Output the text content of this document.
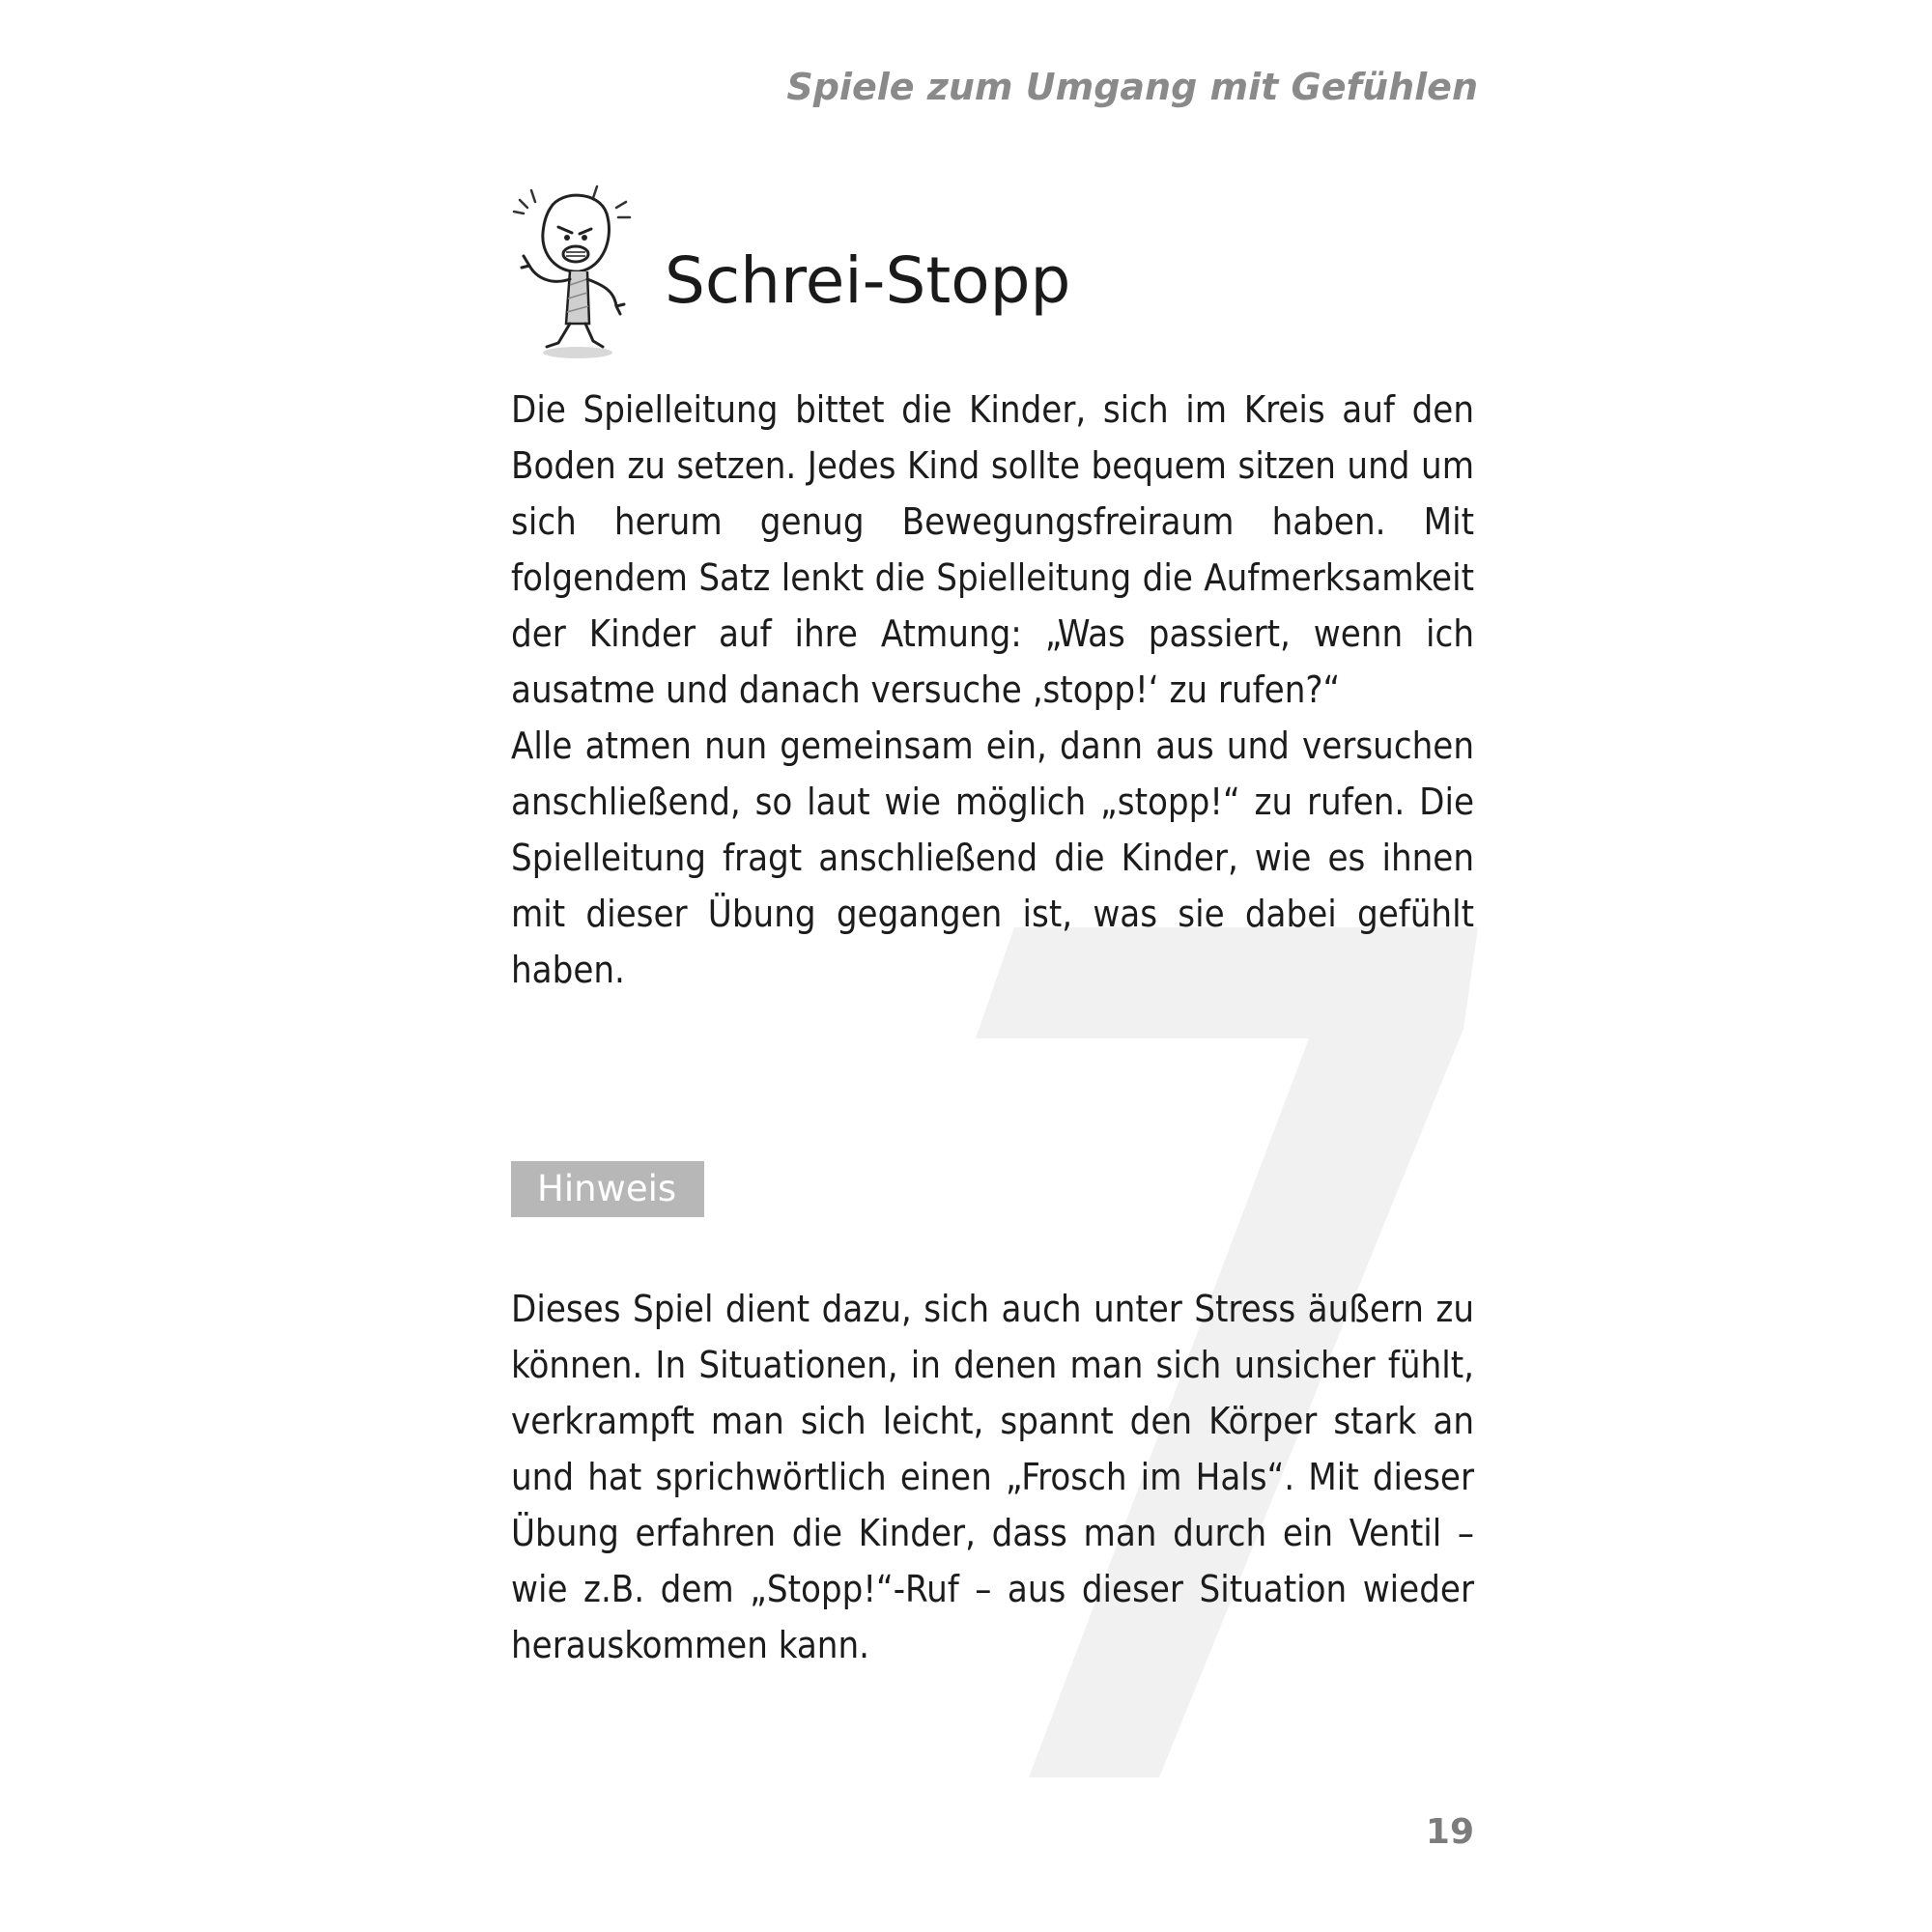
Spiele zum Umgang mit Gefühlen
Schrei-Stopp

Die Spielleitung bittet die Kinder, sich im Kreis auf den Boden zu setzen. Jedes Kind sollte bequem sitzen und um sich herum genug Bewegungsfreiraum haben. Mit folgendem Satz lenkt die Spielleitung die Aufmerksamkeit der Kinder auf ihre Atmung: „Was passiert, wenn ich ausatme und danach versuche ‚stopp!‘ zu rufen?“

Alle atmen nun gemeinsam ein, dann aus und versuchen anschließend, so laut wie möglich „stopp!“ zu rufen. Die Spielleitung fragt anschließend die Kinder, wie es ihnen mit dieser Übung gegangen ist, was sie dabei gefühlt haben.

Hinweis

Dieses Spiel dient dazu, sich auch unter Stress äußern zu können. In Situationen, in denen man sich unsicher fühlt, verkrampft man sich leicht, spannt den Körper stark an und hat sprichwörtlich einen „Frosch im Hals“. Mit dieser Übung erfahren die Kinder, dass man durch ein Ventil – wie z.B. dem „Stopp!“-Ruf – aus dieser Situation wieder herauskommen kann.

19
